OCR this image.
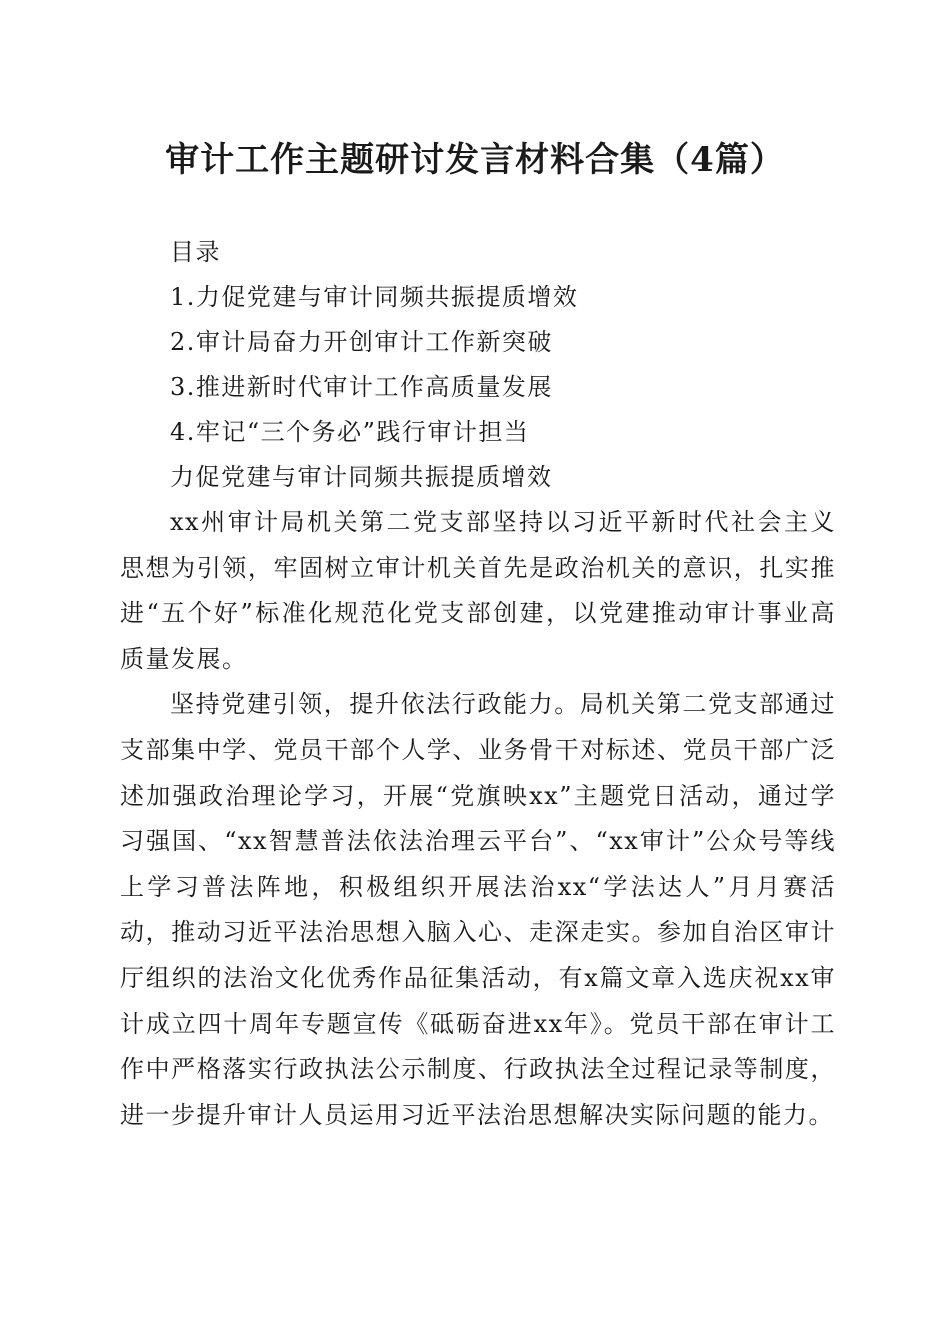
审计工作主题研讨发言材料合集（4篇）
目录
1.力促党建与审计同频共振提质增效
2.审计局奋力开创审计工作新突破
3.推进新时代审计工作高质量发展
4.牢记“三个务必”践行审计担当
力促党建与审计同频共振提质增效

xx州审计局机关第二党支部坚持以习近平新时代社会主义思想为引领，牢固树立审计机关首先是政治机关的意识，扎实推进“五个好”标准化规范化党支部创建，以党建推动审计事业高质量发展。

坚持党建引领，提升依法行政能力。局机关第二党支部通过支部集中学、党员干部个人学、业务骨干对标述、党员干部广泛述加强政治理论学习，开展“党旗映xx”主题党日活动，通过学习强国、“xx智慧普法依法治理云平台”、“xx审计”公众号等线上学习普法阵地，积极组织开展法治xx“学法达人”月月赛活动，推动习近平法治思想入脑入心、走深走实。参加自治区审计厅组织的法治文化优秀作品征集活动，有x篇文章入选庆祝xx审计成立四十周年专题宣传《砥砺奋进xx年》。党员干部在审计工作中严格落实行政执法公示制度、行政执法全过程记录等制度，进一步提升审计人员运用习近平法治思想解决实际问题的能力。
